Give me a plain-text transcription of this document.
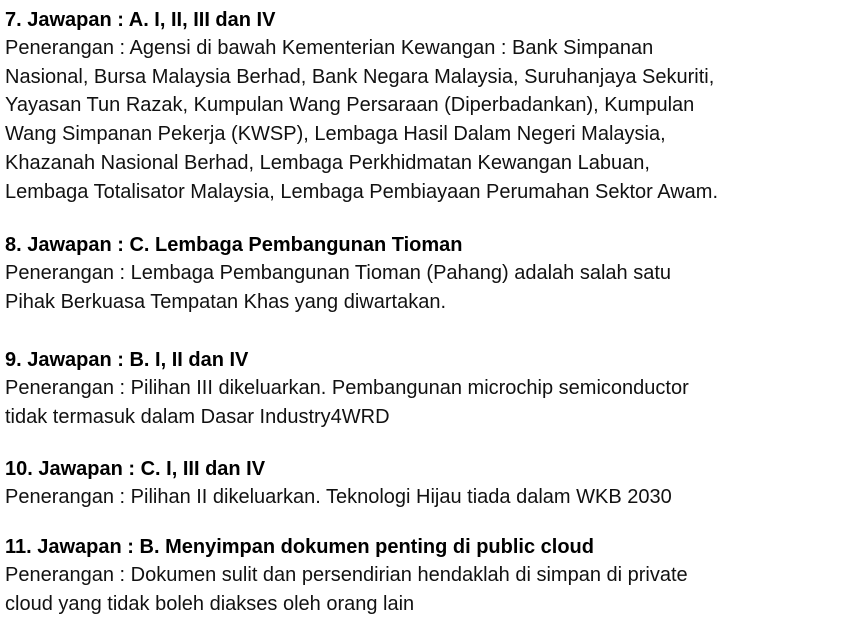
7. Jawapan : A. I, II, III dan IV
Penerangan : Agensi di bawah Kementerian Kewangan : Bank Simpanan
Nasional, Bursa Malaysia Berhad, Bank Negara Malaysia, Suruhanjaya Sekuriti,
Yayasan Tun Razak, Kumpulan Wang Persaraan (Diperbadankan), Kumpulan
Wang Simpanan Pekerja (KWSP), Lembaga Hasil Dalam Negeri Malaysia,
Khazanah Nasional Berhad, Lembaga Perkhidmatan Kewangan Labuan,
Lembaga Totalisator Malaysia, Lembaga Pembiayaan Perumahan Sektor Awam.
8. Jawapan : C. Lembaga Pembangunan Tioman
Penerangan : Lembaga Pembangunan Tioman (Pahang) adalah salah satu
Pihak Berkuasa Tempatan Khas yang diwartakan.
9. Jawapan : B. I, II dan IV
Penerangan : Pilihan III dikeluarkan. Pembangunan microchip semiconductor
tidak termasuk dalam Dasar Industry4WRD
10. Jawapan : C. I, III dan IV
Penerangan : Pilihan II dikeluarkan. Teknologi Hijau tiada dalam WKB 2030
11. Jawapan : B. Menyimpan dokumen penting di public cloud
Penerangan : Dokumen sulit dan persendirian hendaklah di simpan di private
cloud yang tidak boleh diakses oleh orang lain
